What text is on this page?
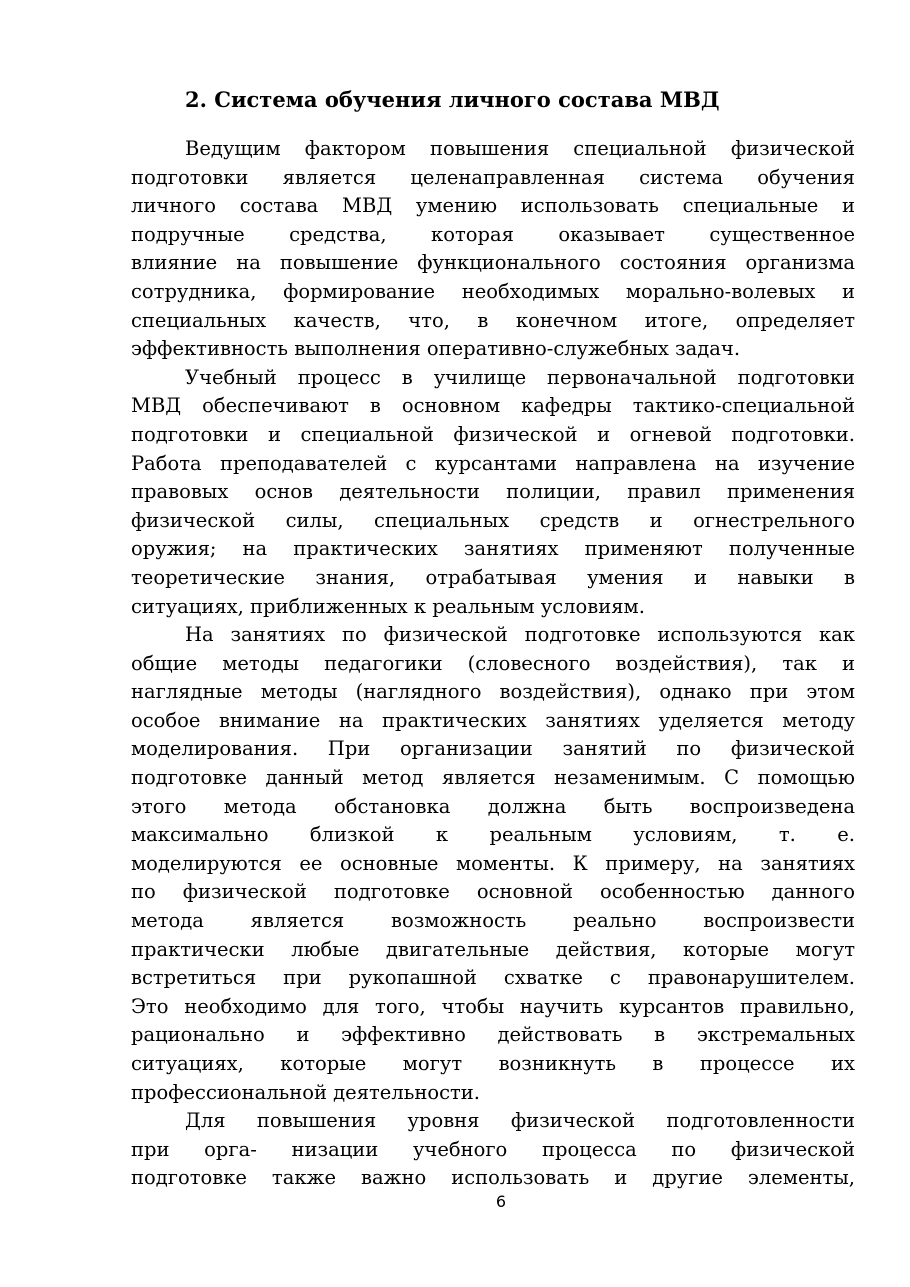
2. Система обучения личного состава МВД
Ведущим фактором повышения специальной физической
подготовки является целенаправленная система обучения
личного состава МВД умению использовать специальные и
подручные средства, которая оказывает существенное
влияние на повышение функционального состояния организма
сотрудника, формирование необходимых морально-волевых и
специальных качеств, что, в конечном итоге, определяет
эффективность выполнения оперативно-служебных задач.
Учебный процесс в училище первоначальной подготовки
МВД обеспечивают в основном кафедры тактико-специальной
подготовки и специальной физической и огневой подготовки.
Работа преподавателей с курсантами направлена на изучение
правовых основ деятельности полиции, правил применения
физической силы, специальных средств и огнестрельного
оружия; на практических занятиях применяют полученные
теоретические знания, отрабатывая умения и навыки в
ситуациях, приближенных к реальным условиям.
На занятиях по физической подготовке используются как
общие методы педагогики (словесного воздействия), так и
наглядные методы (наглядного воздействия), однако при этом
особое внимание на практических занятиях уделяется методу
моделирования. При организации занятий по физической
подготовке данный метод является незаменимым. С помощью
этого метода обстановка должна быть воспроизведена
максимально близкой к реальным условиям, т. е.
моделируются ее основные моменты. К примеру, на занятиях
по физической подготовке основной особенностью данного
метода является возможность реально воспроизвести
практически любые двигательные действия, которые могут
встретиться при рукопашной схватке с правонарушителем.
Это необходимо для того, чтобы научить курсантов правильно,
рационально и эффективно действовать в экстремальных
ситуациях, которые могут возникнуть в процессе их
профессиональной деятельности.
Для повышения уровня физической подготовленности
при орга- низации учебного процесса по физической
подготовке также важно использовать и другие элементы,
6
